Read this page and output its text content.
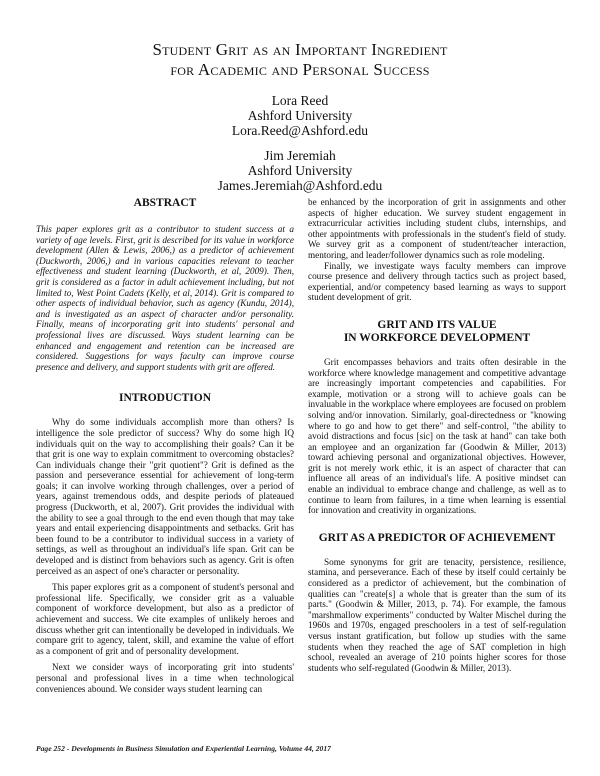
Student Grit as an Important Ingredient
for Academic and Personal Success
Lora Reed
Ashford University
Lora.Reed@Ashford.edu
Jim Jeremiah
Ashford University
James.Jeremiah@Ashford.edu
ABSTRACT

This paper explores grit as a contributor to student success at a variety of age levels. First, grit is described for its value in workforce development (Allen & Lewis, 2006,) as a predictor of achievement (Duckworth, 2006,) and in various capacities relevant to teacher effectiveness and student learning (Duckworth, et al, 2009). Then, grit is considered as a factor in adult achievement including, but not limited to, West Point Cadets (Kelly, et al, 2014). Grit is compared to other aspects of individual behavior, such as agency (Kundu, 2014), and is investigated as an aspect of character and/or personality. Finally, means of incorporating grit into students' personal and professional lives are discussed. Ways student learning can be enhanced and engagement and retention can be increased are considered. Suggestions for ways faculty can improve course presence and delivery, and support students with grit are offered.

INTRODUCTION

Why do some individuals accomplish more than others? Is intelligence the sole predictor of success? Why do some high IQ individuals quit on the way to accomplishing their goals? Can it be that grit is one way to explain commitment to overcoming obstacles? Can individuals change their "grit quotient"? Grit is defined as the passion and perseverance essential for achievement of long-term goals; it can involve working through challenges, over a period of years, against tremendous odds, and despite periods of plateaued progress (Duckworth, et al, 2007). Grit provides the individual with the ability to see a goal through to the end even though that may take years and entail experiencing disappointments and setbacks. Grit has been found to be a contributor to individual success in a variety of settings, as well as throughout an individual's life span. Grit can be developed and is distinct from behaviors such as agency. Grit is often perceived as an aspect of one's character or personality.

This paper explores grit as a component of student's personal and professional life. Specifically, we consider grit as a valuable component of workforce development, but also as a predictor of achievement and success. We cite examples of unlikely heroes and discuss whether grit can intentionally be developed in individuals. We compare grit to agency, talent, skill, and examine the value of effort as a component of grit and of personality development.

Next we consider ways of incorporating grit into students' personal and professional lives in a time when technological conveniences abound. We consider ways student learning can

be enhanced by the incorporation of grit in assignments and other aspects of higher education. We survey student engagement in extracurricular activities including student clubs, internships, and other appointments with professionals in the student's field of study. We survey grit as a component of student/teacher interaction, mentoring, and leader/follower dynamics such as role modeling.

Finally, we investigate ways faculty members can improve course presence and delivery through tactics such as project based, experiential, and/or competency based learning as ways to support student development of grit.

GRIT AND ITS VALUE
IN WORKFORCE DEVELOPMENT

Grit encompasses behaviors and traits often desirable in the workforce where knowledge management and competitive advantage are increasingly important competencies and capabilities. For example, motivation or a strong will to achieve goals can be invaluable in the workplace where employees are focused on problem solving and/or innovation. Similarly, goal-directedness or "knowing where to go and how to get there" and self-control, "the ability to avoid distractions and focus [sic] on the task at hand" can take both an employee and an organization far (Goodwin & Miller, 2013) toward achieving personal and organizational objectives. However, grit is not merely work ethic, it is an aspect of character that can influence all areas of an individual's life. A positive mindset can enable an individual to embrace change and challenge, as well as to continue to learn from failures, in a time when learning is essential for innovation and creativity in organizations.

GRIT AS A PREDICTOR OF ACHIEVEMENT

Some synonyms for grit are tenacity, persistence, resilience, stamina, and perseverance. Each of these by itself could certainly be considered as a predictor of achievement, but the combination of qualities can "create[s] a whole that is greater than the sum of its parts." (Goodwin & Miller, 2013, p. 74). For example, the famous "marshmallow experiments" conducted by Walter Mischel during the 1960s and 1970s, engaged preschoolers in a test of self-regulation versus instant gratification, but follow up studies with the same students when they reached the age of SAT completion in high school, revealed an average of 210 points higher scores for those students who self-regulated (Goodwin & Miller, 2013).

Page 252 - Developments in Business Simulation and Experiential Learning, Volume 44, 2017
